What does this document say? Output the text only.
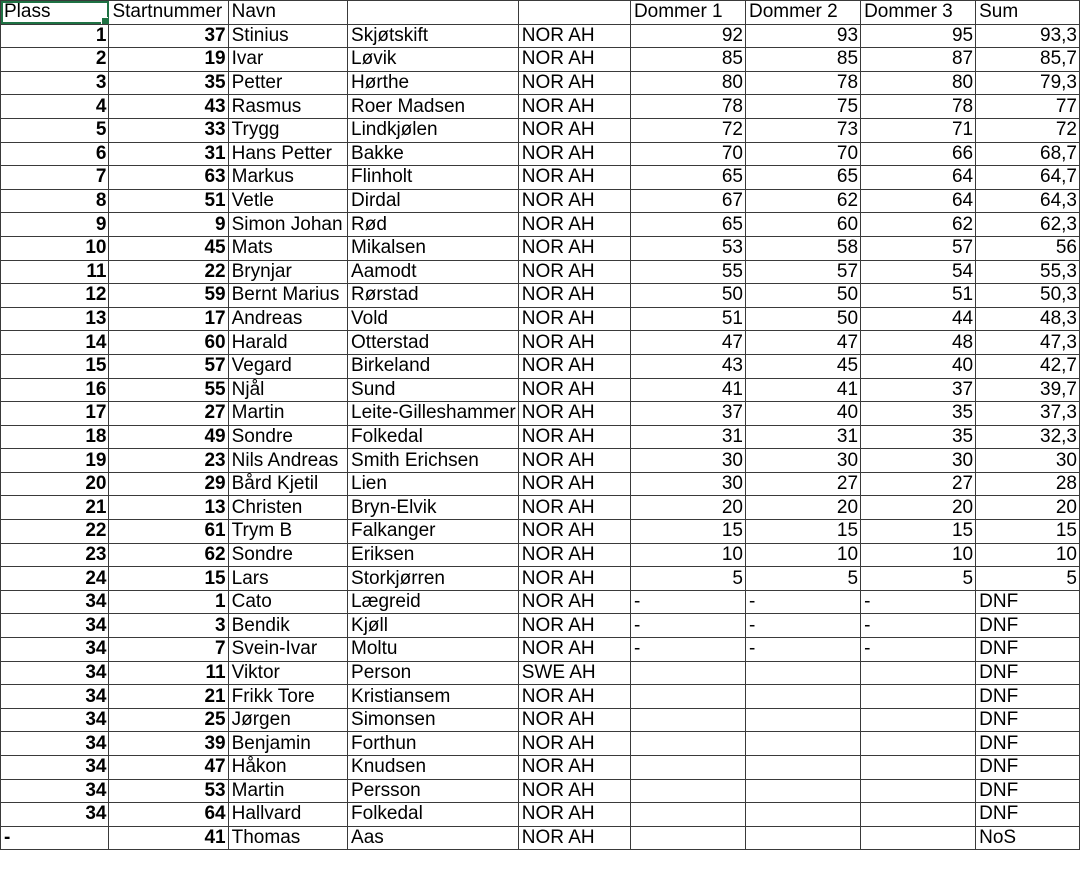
Plass	Startnummer	Navn			Dommer 1	Dommer 2	Dommer 3	Sum
1	37	Stinius	Skjøtskift	NOR AH	92	93	95	93,3
2	19	Ivar	Løvik	NOR AH	85	85	87	85,7
3	35	Petter	Hørthe	NOR AH	80	78	80	79,3
4	43	Rasmus	Roer Madsen	NOR AH	78	75	78	77
5	33	Trygg	Lindkjølen	NOR AH	72	73	71	72
6	31	Hans Petter	Bakke	NOR AH	70	70	66	68,7
7	63	Markus	Flinholt	NOR AH	65	65	64	64,7
8	51	Vetle	Dirdal	NOR AH	67	62	64	64,3
9	9	Simon Johan	Rød	NOR AH	65	60	62	62,3
10	45	Mats	Mikalsen	NOR AH	53	58	57	56
11	22	Brynjar	Aamodt	NOR AH	55	57	54	55,3
12	59	Bernt Marius	Rørstad	NOR AH	50	50	51	50,3
13	17	Andreas	Vold	NOR AH	51	50	44	48,3
14	60	Harald	Otterstad	NOR AH	47	47	48	47,3
15	57	Vegard	Birkeland	NOR AH	43	45	40	42,7
16	55	Njål	Sund	NOR AH	41	41	37	39,7
17	27	Martin	Leite-Gilleshammer	NOR AH	37	40	35	37,3
18	49	Sondre	Folkedal	NOR AH	31	31	35	32,3
19	23	Nils Andreas	Smith Erichsen	NOR AH	30	30	30	30
20	29	Bård Kjetil	Lien	NOR AH	30	27	27	28
21	13	Christen	Bryn-Elvik	NOR AH	20	20	20	20
22	61	Trym B	Falkanger	NOR AH	15	15	15	15
23	62	Sondre	Eriksen	NOR AH	10	10	10	10
24	15	Lars	Storkjørren	NOR AH	5	5	5	5
34	1	Cato	Lægreid	NOR AH	-	-	-	DNF
34	3	Bendik	Kjøll	NOR AH	-	-	-	DNF
34	7	Svein-Ivar	Moltu	NOR AH	-	-	-	DNF
34	11	Viktor	Person	SWE AH				DNF
34	21	Frikk Tore	Kristiansem	NOR AH				DNF
34	25	Jørgen	Simonsen	NOR AH				DNF
34	39	Benjamin	Forthun	NOR AH				DNF
34	47	Håkon	Knudsen	NOR AH				DNF
34	53	Martin	Persson	NOR AH				DNF
34	64	Hallvard	Folkedal	NOR AH				DNF
-	41	Thomas	Aas	NOR AH				NoS
